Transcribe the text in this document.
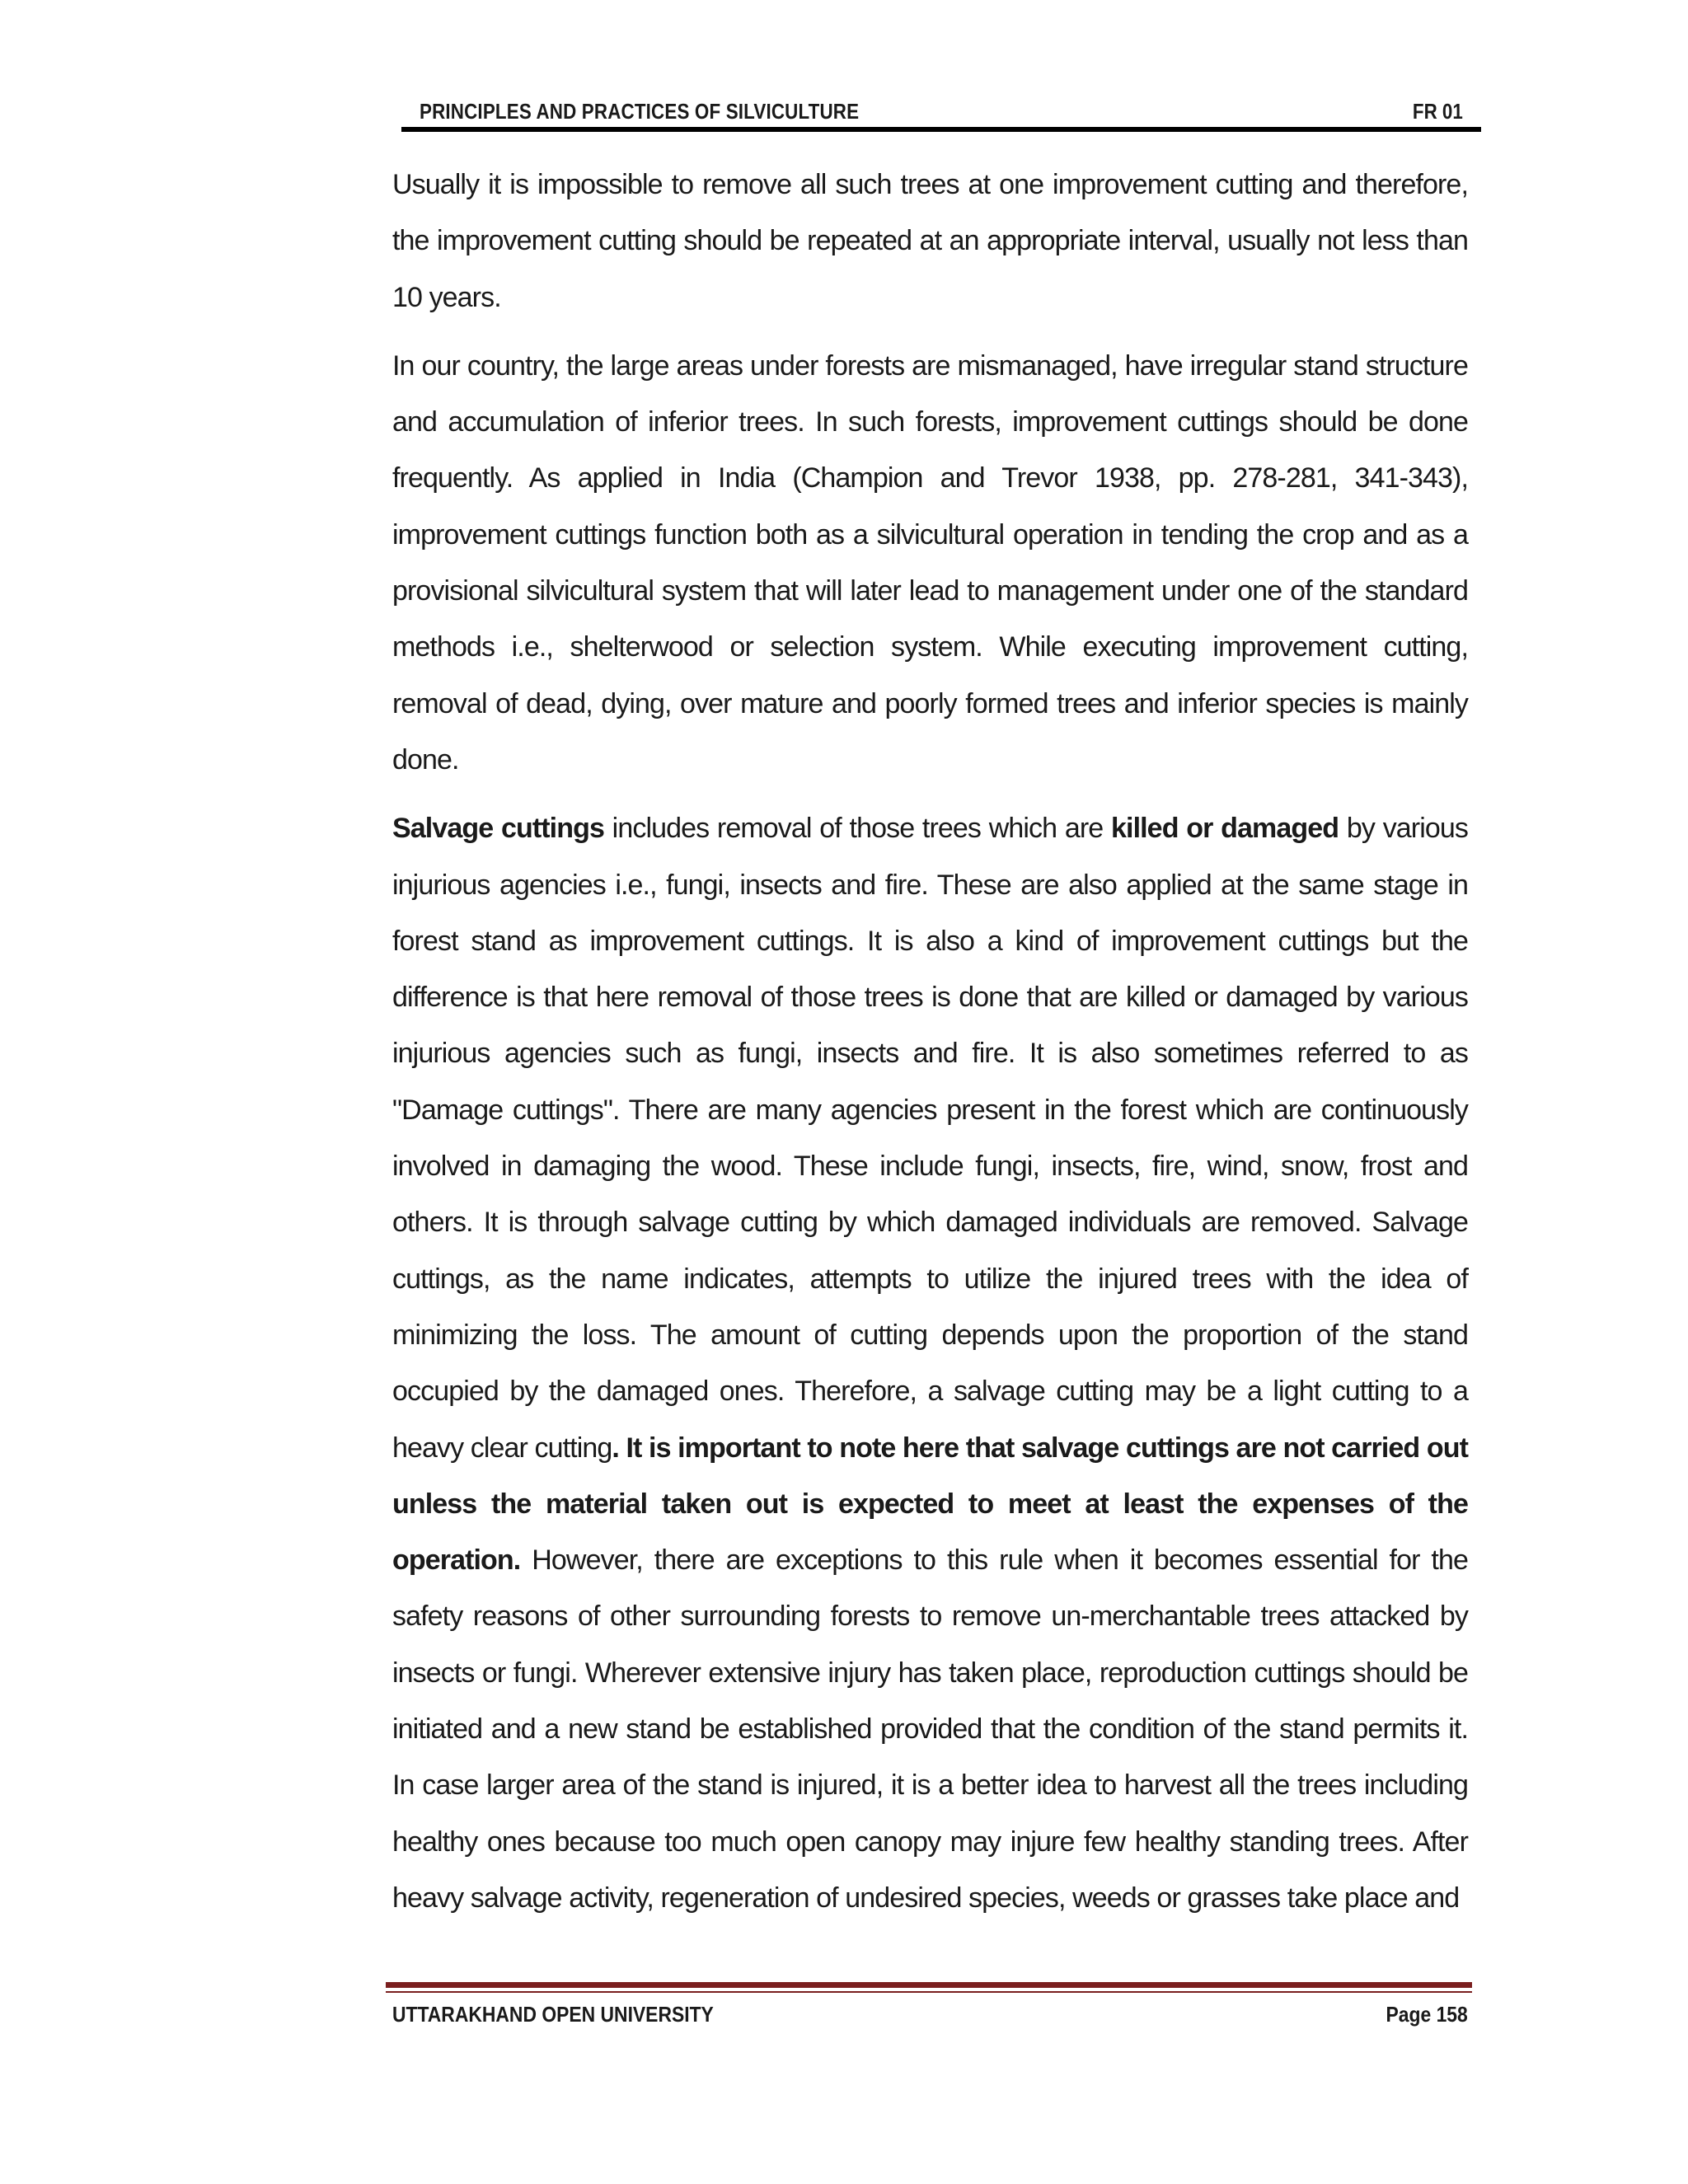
PRINCIPLES AND PRACTICES OF SILVICULTURE	FR 01

Usually it is impossible to remove all such trees at one improvement cutting and therefore, the improvement cutting should be repeated at an appropriate interval, usually not less than 10 years.

In our country, the large areas under forests are mismanaged, have irregular stand structure and accumulation of inferior trees. In such forests, improvement cuttings should be done frequently. As applied in India (Champion and Trevor 1938, pp. 278-281, 341-343), improvement cuttings function both as a silvicultural operation in tending the crop and as a provisional silvicultural system that will later lead to management under one of the standard methods i.e., shelterwood or selection system. While executing improvement cutting, removal of dead, dying, over mature and poorly formed trees and inferior species is mainly done.

Salvage cuttings includes removal of those trees which are killed or damaged by various injurious agencies i.e., fungi, insects and fire. These are also applied at the same stage in forest stand as improvement cuttings. It is also a kind of improvement cuttings but the difference is that here removal of those trees is done that are killed or damaged by various injurious agencies such as fungi, insects and fire. It is also sometimes referred to as "Damage cuttings". There are many agencies present in the forest which are continuously involved in damaging the wood. These include fungi, insects, fire, wind, snow, frost and others. It is through salvage cutting by which damaged individuals are removed. Salvage cuttings, as the name indicates, attempts to utilize the injured trees with the idea of minimizing the loss. The amount of cutting depends upon the proportion of the stand occupied by the damaged ones. Therefore, a salvage cutting may be a light cutting to a heavy clear cutting. It is important to note here that salvage cuttings are not carried out unless the material taken out is expected to meet at least the expenses of the operation. However, there are exceptions to this rule when it becomes essential for the safety reasons of other surrounding forests to remove un-merchantable trees attacked by insects or fungi. Wherever extensive injury has taken place, reproduction cuttings should be initiated and a new stand be established provided that the condition of the stand permits it. In case larger area of the stand is injured, it is a better idea to harvest all the trees including healthy ones because too much open canopy may injure few healthy standing trees. After heavy salvage activity, regeneration of undesired species, weeds or grasses take place and

UTTARAKHAND OPEN UNIVERSITY	Page 158
